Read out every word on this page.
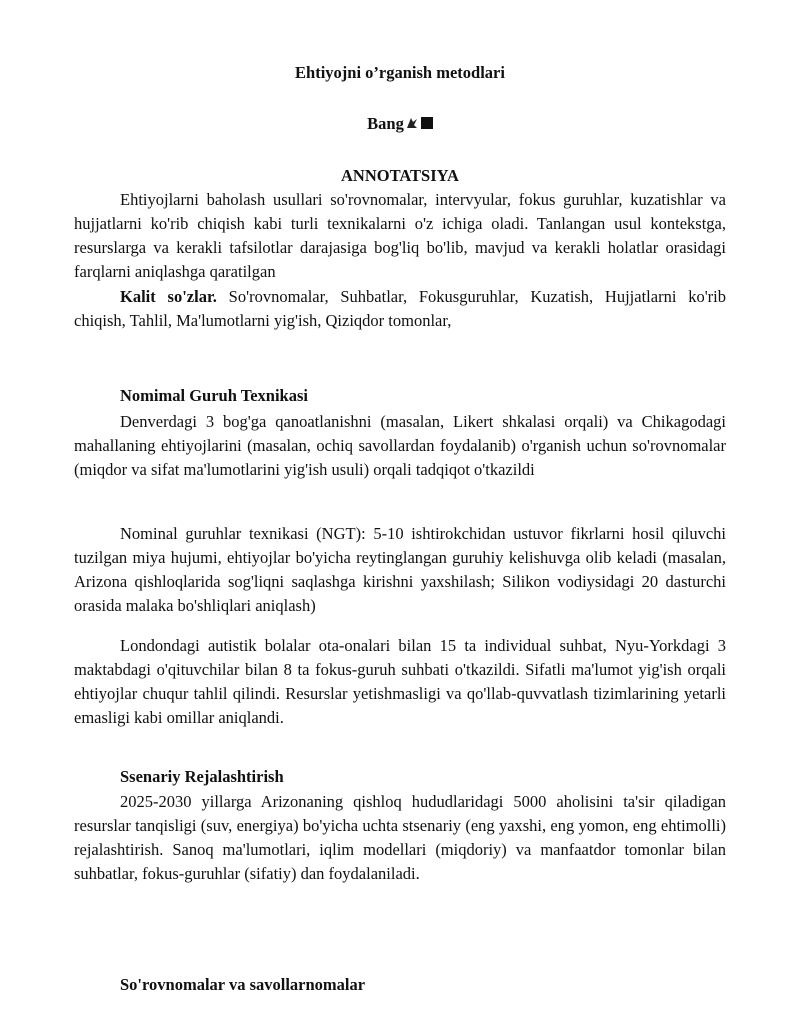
Ehtiyojni o’rganish metodlari
Bang
ANNOTATSIYA

Ehtiyojlarni baholash usullari so'rovnomalar, intervyular, fokus guruhlar, kuzatishlar va hujjatlarni ko'rib chiqish kabi turli texnikalarni o'z ichiga oladi. Tanlangan usul kontekstga, resurslarga va kerakli tafsilotlar darajasiga bog'liq bo'lib, mavjud va kerakli holatlar orasidagi farqlarni aniqlashga qaratilgan

Kalit so'zlar. So'rovnomalar, Suhbatlar, Fokusguruhlar, Kuzatish, Hujjatlarni ko'rib chiqish, Tahlil, Ma'lumotlarni yig'ish, Qiziqdor tomonlar,

Nomimal Guruh Texnikasi

Denverdagi 3 bog'ga qanoatlanishni (masalan, Likert shkalasi orqali) va Chikagodagi mahallaning ehtiyojlarini (masalan, ochiq savollardan foydalanib) o'rganish uchun so'rovnomalar (miqdor va sifat ma'lumotlarini yig'ish usuli) orqali tadqiqot o'tkazildi

Nominal guruhlar texnikasi (NGT): 5-10 ishtirokchidan ustuvor fikrlarni hosil qiluvchi tuzilgan miya hujumi, ehtiyojlar bo'yicha reytinglangan guruhiy kelishuvga olib keladi (masalan, Arizona qishloqlarida sog'liqni saqlashga kirishni yaxshilash; Silikon vodiysidagi 20 dasturchi orasida malaka bo'shliqlari aniqlash)

Londondagi autistik bolalar ota-onalari bilan 15 ta individual suhbat, Nyu-Yorkdagi 3 maktabdagi o'qituvchilar bilan 8 ta fokus-guruh suhbati o'tkazildi. Sifatli ma'lumot yig'ish orqali ehtiyojlar chuqur tahlil qilindi. Resurslar yetishmasligi va qo'llab-quvvatlash tizimlarining yetarli emasligi kabi omillar aniqlandi.

Ssenariy Rejalashtirish

2025-2030 yillarga Arizonaning qishloq hududlaridagi 5000 aholisini ta'sir qiladigan resurslar tanqisligi (suv, energiya) bo'yicha uchta stsenariy (eng yaxshi, eng yomon, eng ehtimolli) rejalashtirish. Sanoq ma'lumotlari, iqlim modellari (miqdoriy) va manfaatdor tomonlar bilan suhbatlar, fokus-guruhlar (sifatiy) dan foydalaniladi.

So'rovnomalar va savollarnomalar
